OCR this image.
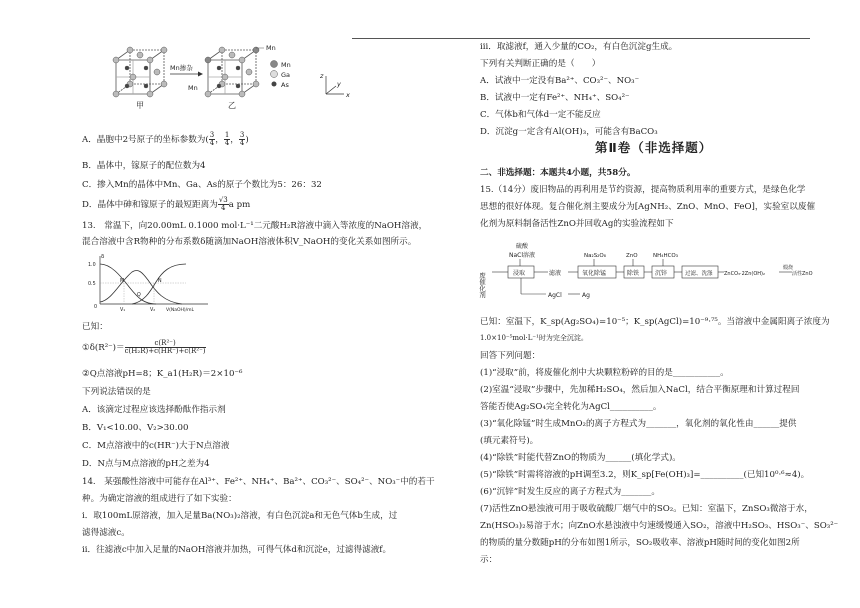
甲
Mn掺杂
Mn
乙
Mn
Mn
Ga
As
z
y
x
A．晶胞中2号原子的坐标参数为( $\frac{3}{4}$ ， $\frac{1}{4}$ ， $\frac{3}{4}$ )
B．晶体中，镓原子的配位数为4
C．掺入Mn的晶体中Mn、Ga、As的原子个数比为5：26：32
D．晶体中砷和镓原子的最短距离为 $\frac{√3}{4}$ a pm
13.　常温下，向20.00mL 0.1000 mol·L⁻¹二元酸H₂R溶液中滴入等浓度的NaOH溶液，
混合溶液中含R物种的分布系数δ随滴加NaOH溶液体积V_NaOH的变化关系如图所示。
δ
1.0
0.5
0
M
Q
N
V₁	V₂ V(NaOH)/mL
已知：
①δ(R²⁻)＝ $\frac{\text{c(R²⁻)}}{\text{c(H₂R)+c(HR⁻)+c(R²⁻)}}$
②Q点溶液pH=8；K_a1(H₂R)＝2×10⁻⁶
下列说法错误的是
A．该滴定过程应该选择酚酞作指示剂
B．V₁<10.00、V₂>30.00
C．M点溶液中的c(HR⁻)大于N点溶液
D．N点与M点溶液的pH之差为4
14.　某强酸性溶液中可能存在Al³⁺、Fe²⁺、NH₄⁺、Ba²⁺、CO₃²⁻、SO₄²⁻、NO₃⁻中的若干
种。为确定溶液的组成进行了如下实验：
ⅰ．取100mL原溶液，加入足量Ba(NO₃)₂溶液，有白色沉淀a和无色气体b生成，过
滤得滤液c。
ⅱ．往滤液c中加入足量的NaOH溶液并加热，可得气体d和沉淀e，过滤得滤液f。
ⅲ．取滤液f，通入少量的CO₂，有白色沉淀g生成。
下列有关判断正确的是（　　）
A．试液中一定没有Ba²⁺、CO₃²⁻、NO₃⁻
B．试液中一定有Fe²⁺、NH₄⁺、SO₄²⁻
C．气体b和气体d一定不能反应
D．沉淀g一定含有Al(OH)₃，可能含有BaCO₃
第Ⅱ卷（非选择题）
二、非选择题：本题共4小题，共58分。
15.（14分）废旧物品的再利用是节约资源，提高物质利用率的重要方式，是绿色化学
思想的很好体现。复合催化剂主要成分为[AgNH₂、ZnO、MnO、FeO]，实验室以废催
化剂为原料制备活性ZnO并回收Ag的实验流程如下
废催化剂
硫酸
NaCl溶液
浸取	滤液
Na₂S₂O₈
氧化除锰
ZnO
除铁
NH₄HCO₃
沉锌	过滤、洗涤 ZnCO₃·2Zn(OH)₂
煅烧
活性ZnO
AgCl	Ag
已知：室温下，K_sp(Ag₂SO₄)=10⁻⁵；K_sp(AgCl)=10⁻⁹·⁷⁵。当溶液中金属阳离子浓度为
1.0×10⁻⁵mol·L⁻¹时为完全沉淀。
回答下列问题：
(1)“浸取”前，将废催化剂中大块颗粒粉碎的目的是___________。
(2)室温“浸取”步骤中，先加稀H₂SO₄，然后加入NaCl，结合平衡原理和计算过程回
答能否使Ag₂SO₄完全转化为AgCl__________。
(3)“氧化除锰”时生成MnO₂的离子方程式为_______，氧化剂的氧化性由______提供
(填元素符号)。
(4)“除铁”时能代替ZnO的物质为______(填化学式)。
(5)“除铁”时需将溶液的pH调至3.2，则K_sp[Fe(OH)₃]=__________(已知10⁰·⁶≈4)。
(6)“沉锌”时发生反应的离子方程式为_______。
(7)活性ZnO悬浊液可用于吸收硫酸厂烟气中的SO₂。已知：室温下，ZnSO₃微溶于水，
Zn(HSO₃)₂易溶于水；向ZnO水悬浊液中匀速缓慢通入SO₂，溶液中H₂SO₃、HSO₃⁻、SO₃²⁻
的物质的量分数随pH的分布如图1所示，SO₂吸收率、溶液pH随时间的变化如图2所
示：
